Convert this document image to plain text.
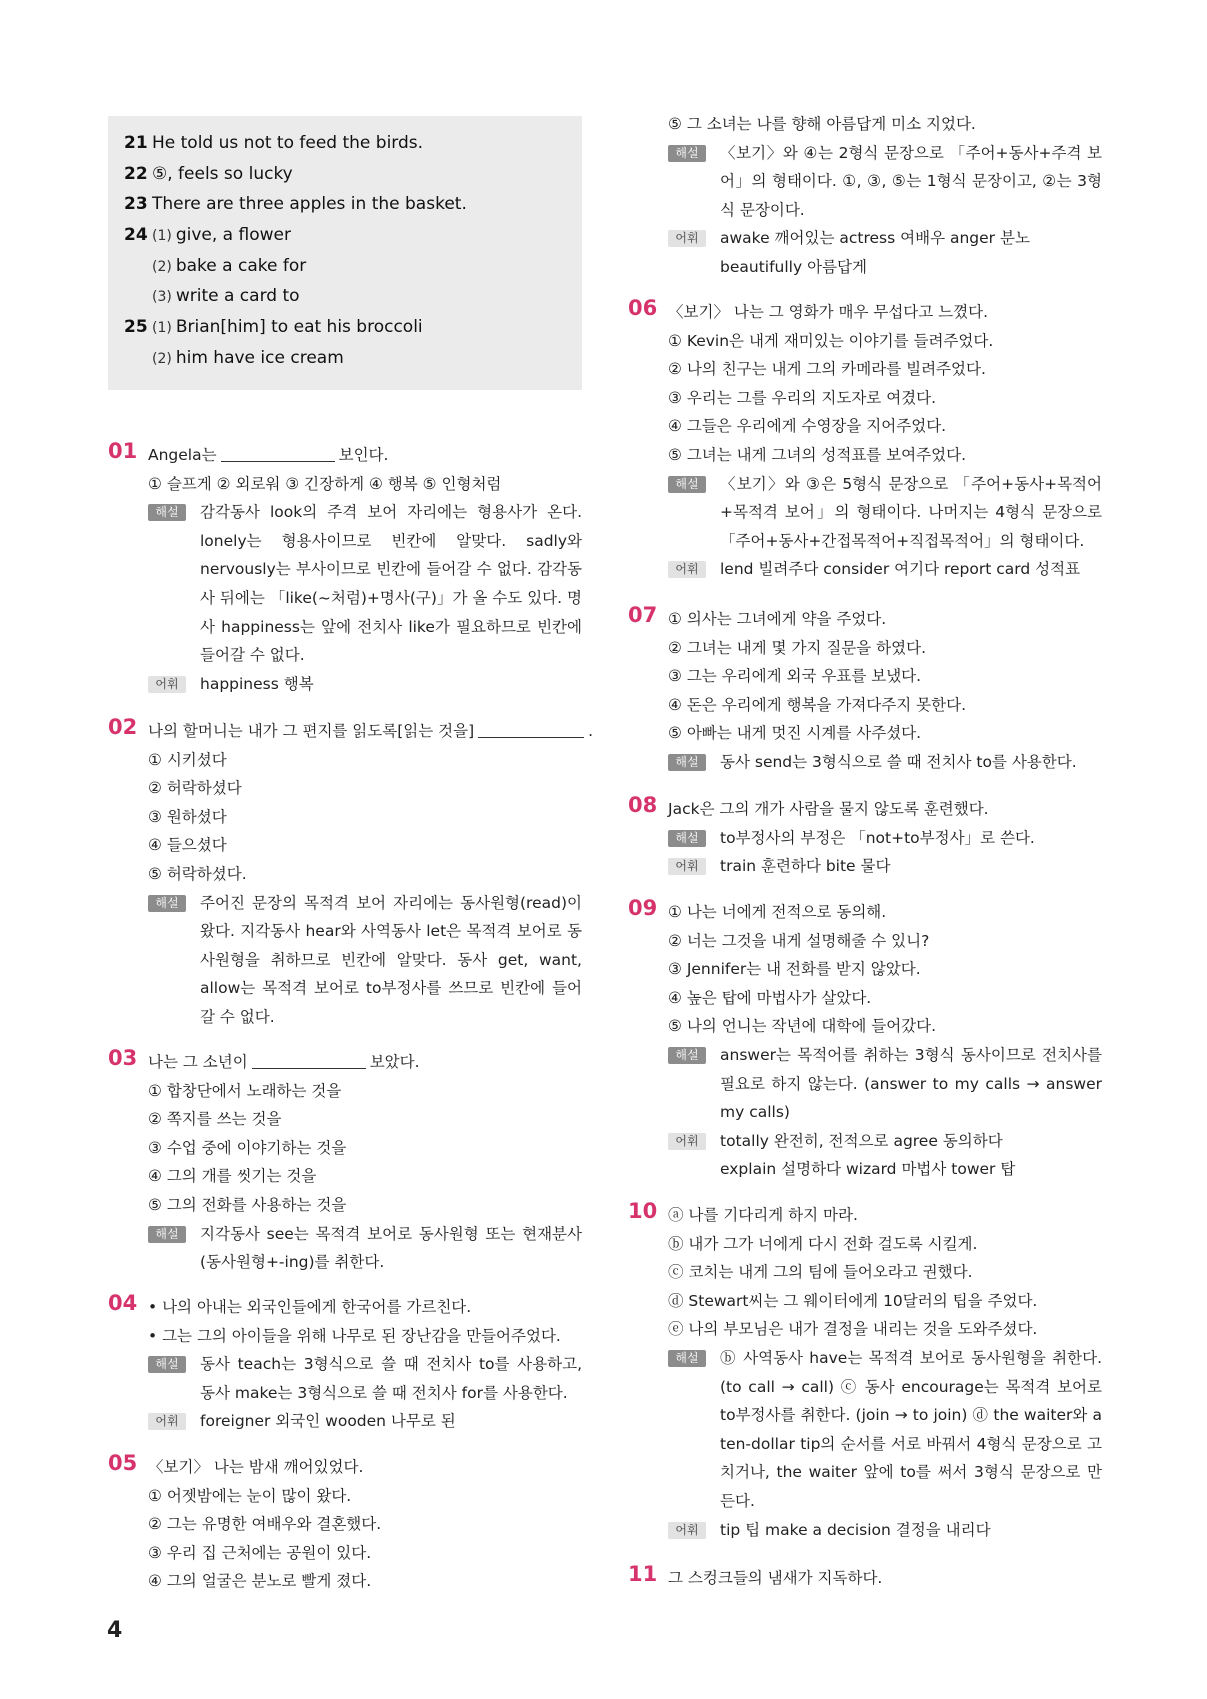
21 He told us not to feed the birds.
22 ⑤, feels so lucky
23 There are three apples in the basket.
24 (1) give, a flower
(2) bake a cake for
(3) write a card to
25 (1) Brian[him] to eat his broccoli
(2) him have ice cream
01 Angela는	보인다.
① 슬프게 ② 외로워 ③ 긴장하게 ④ 행복 ⑤ 인형처럼
해설	감각동사 look의 주격 보어 자리에는 형용사가 온다. lonely는 형용사이므로 빈칸에 알맞다. sadly와 nervously는 부사이므로 빈칸에 들어갈 수 없다. 감각동사 뒤에는 「like(~처럼)+명사(구)」가 올 수도 있다. 명사 happiness는 앞에 전치사 like가 필요하므로 빈칸에 들어갈 수 없다.
어휘	happiness 행복
02 나의 할머니는 내가 그 편지를 읽도록[읽는 것을]	.
① 시키셨다
② 허락하셨다
③ 원하셨다
④ 들으셨다
⑤ 허락하셨다.
해설	주어진 문장의 목적격 보어 자리에는 동사원형(read)이 왔다. 지각동사 hear와 사역동사 let은 목적격 보어로 동사원형을 취하므로 빈칸에 알맞다. 동사 get, want, allow는 목적격 보어로 to부정사를 쓰므로 빈칸에 들어갈 수 없다.
03 나는 그 소년이	보았다.
① 합창단에서 노래하는 것을
② 쪽지를 쓰는 것을
③ 수업 중에 이야기하는 것을
④ 그의 개를 씻기는 것을
⑤ 그의 전화를 사용하는 것을
해설	지각동사 see는 목적격 보어로 동사원형 또는 현재분사(동사원형+-ing)를 취한다.
04 • 나의 아내는 외국인들에게 한국어를 가르친다.
• 그는 그의 아이들을 위해 나무로 된 장난감을 만들어주었다.
해설	동사 teach는 3형식으로 쓸 때 전치사 to를 사용하고, 동사 make는 3형식으로 쓸 때 전치사 for를 사용한다.
어휘	foreigner 외국인 wooden 나무로 된
05 〈보기〉 나는 밤새 깨어있었다.
① 어젯밤에는 눈이 많이 왔다.
② 그는 유명한 여배우와 결혼했다.
③ 우리 집 근처에는 공원이 있다.
④ 그의 얼굴은 분노로 빨게 졌다.
⑤ 그 소녀는 나를 향해 아름답게 미소 지었다.
해설	〈보기〉와 ④는 2형식 문장으로 「주어+동사+주격 보어」의 형태이다. ①, ③, ⑤는 1형식 문장이고, ②는 3형식 문장이다.
어휘	awake 깨어있는 actress 여배우 anger 분노
beautifully 아름답게
06 〈보기〉 나는 그 영화가 매우 무섭다고 느꼈다.
① Kevin은 내게 재미있는 이야기를 들려주었다.
② 나의 친구는 내게 그의 카메라를 빌려주었다.
③ 우리는 그를 우리의 지도자로 여겼다.
④ 그들은 우리에게 수영장을 지어주었다.
⑤ 그녀는 내게 그녀의 성적표를 보여주었다.
해설	〈보기〉와 ③은 5형식 문장으로 「주어+동사+목적어+목적격 보어」의 형태이다. 나머지는 4형식 문장으로 「주어+동사+간접목적어+직접목적어」의 형태이다.
어휘	lend 빌려주다 consider 여기다 report card 성적표
07 ① 의사는 그녀에게 약을 주었다.
② 그녀는 내게 몇 가지 질문을 하였다.
③ 그는 우리에게 외국 우표를 보냈다.
④ 돈은 우리에게 행복을 가져다주지 못한다.
⑤ 아빠는 내게 멋진 시계를 사주셨다.
해설	동사 send는 3형식으로 쓸 때 전치사 to를 사용한다.
08 Jack은 그의 개가 사람을 물지 않도록 훈련했다.
해설	to부정사의 부정은 「not+to부정사」로 쓴다.
어휘	train 훈련하다 bite 물다
09 ① 나는 너에게 전적으로 동의해.
② 너는 그것을 내게 설명해줄 수 있니?
③ Jennifer는 내 전화를 받지 않았다.
④ 높은 탑에 마법사가 살았다.
⑤ 나의 언니는 작년에 대학에 들어갔다.
해설	answer는 목적어를 취하는 3형식 동사이므로 전치사를 필요로 하지 않는다. (answer to my calls → answer my calls)
어휘	totally 완전히, 전적으로 agree 동의하다
explain 설명하다 wizard 마법사 tower 탑
10 ⓐ 나를 기다리게 하지 마라.
ⓑ 내가 그가 너에게 다시 전화 걸도록 시킬게.
ⓒ 코치는 내게 그의 팀에 들어오라고 권했다.
ⓓ Stewart씨는 그 웨이터에게 10달러의 팁을 주었다.
ⓔ 나의 부모님은 내가 결정을 내리는 것을 도와주셨다.
해설	ⓑ 사역동사 have는 목적격 보어로 동사원형을 취한다. (to call → call) ⓒ 동사 encourage는 목적격 보어로 to부정사를 취한다. (join → to join) ⓓ the waiter와 a ten-dollar tip의 순서를 서로 바꿔서 4형식 문장으로 고치거나, the waiter 앞에 to를 써서 3형식 문장으로 만든다.
어휘	tip 팁 make a decision 결정을 내리다
11 그 스컹크들의 냄새가 지독하다.
4
